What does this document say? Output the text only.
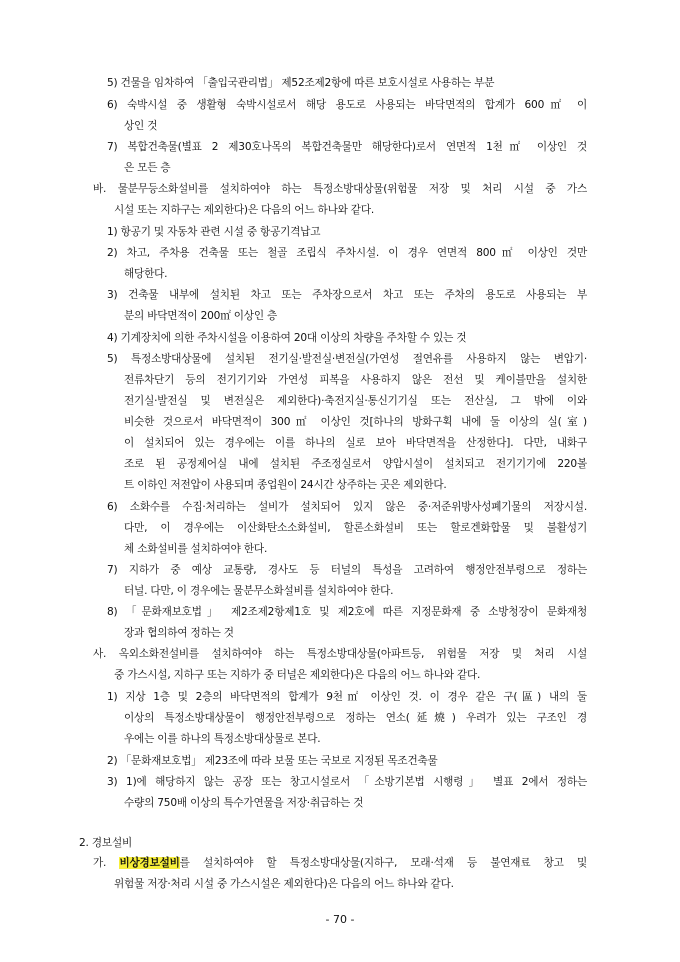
5) 건물을 임차하여 「출입국관리법」 제52조제2항에 따른 보호시설로 사용하는 부분
6) 숙박시설 중 생활형 숙박시설로서 해당 용도로 사용되는 바닥면적의 합계가 600㎡ 이
상인 것
7) 복합건축물(별표 2 제30호나목의 복합건축물만 해당한다)로서 연면적 1천㎡ 이상인 것
은 모든 층
바. 물분무등소화설비를 설치하여야 하는 특정소방대상물(위험물 저장 및 처리 시설 중 가스
시설 또는 지하구는 제외한다)은 다음의 어느 하나와 같다.
1) 항공기 및 자동차 관련 시설 중 항공기격납고
2) 차고, 주차용 건축물 또는 철골 조립식 주차시설. 이 경우 연면적 800㎡ 이상인 것만
해당한다.
3) 건축물 내부에 설치된 차고 또는 주차장으로서 차고 또는 주차의 용도로 사용되는 부
분의 바닥면적이 200㎡ 이상인 층
4) 기계장치에 의한 주차시설을 이용하여 20대 이상의 차량을 주차할 수 있는 것
5) 특정소방대상물에 설치된 전기실·발전실·변전실(가연성 절연유를 사용하지 않는 변압기·
전류차단기 등의 전기기기와 가연성 피복을 사용하지 않은 전선 및 케이블만을 설치한
전기실·발전실 및 변전실은 제외한다)·축전지실·통신기기실 또는 전산실, 그 밖에 이와
비슷한 것으로서 바닥면적이 300㎡ 이상인 것[하나의 방화구획 내에 둘 이상의 실(室)
이 설치되어 있는 경우에는 이를 하나의 실로 보아 바닥면적을 산정한다]. 다만, 내화구
조로 된 공정제어실 내에 설치된 주조정실로서 양압시설이 설치되고 전기기기에 220볼
트 이하인 저전압이 사용되며 종업원이 24시간 상주하는 곳은 제외한다.
6) 소화수를 수집·처리하는 설비가 설치되어 있지 않은 중·저준위방사성폐기물의 저장시설.
다만, 이 경우에는 이산화탄소소화설비, 할론소화설비 또는 할로겐화합물 및 불활성기
체 소화설비를 설치하여야 한다.
7) 지하가 중 예상 교통량, 경사도 등 터널의 특성을 고려하여 행정안전부령으로 정하는
터널. 다만, 이 경우에는 물분무소화설비를 설치하여야 한다.
8) 「문화재보호법」 제2조제2항제1호 및 제2호에 따른 지정문화재 중 소방청장이 문화재청
장과 협의하여 정하는 것
사. 옥외소화전설비를 설치하여야 하는 특정소방대상물(아파트등, 위험물 저장 및 처리 시설
중 가스시설, 지하구 또는 지하가 중 터널은 제외한다)은 다음의 어느 하나와 같다.
1) 지상 1층 및 2층의 바닥면적의 합계가 9천㎡ 이상인 것. 이 경우 같은 구(區) 내의 둘
이상의 특정소방대상물이 행정안전부령으로 정하는 연소(延燒) 우려가 있는 구조인 경
우에는 이를 하나의 특정소방대상물로 본다.
2) 「문화재보호법」 제23조에 따라 보물 또는 국보로 지정된 목조건축물
3) 1)에 해당하지 않는 공장 또는 창고시설로서 「소방기본법 시행령」 별표 2에서 정하는
수량의 750배 이상의 특수가연물을 저장·취급하는 것
2. 경보설비
가. 비상경보설비를 설치하여야 할 특정소방대상물(지하구, 모래·석재 등 불연재료 창고 및
위험물 저장·처리 시설 중 가스시설은 제외한다)은 다음의 어느 하나와 같다.
- 70 -
